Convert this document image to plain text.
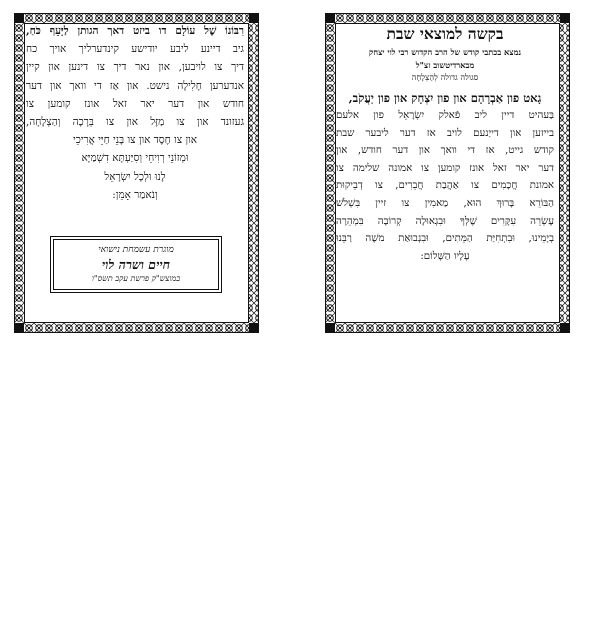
רִבּוֹנוֹ שֶׁל עוֹלָם דו ביזט דאך הגותן לַיָּעֵף כֹּחַ,
גיב דיינע ליבע יודישע קינדערליך אויך כח
דיך צו לויבען, און נאר דיך צו דינען און קיין
אנדערען חָלִילָה נישט. און אַז די וואך און דער
חודש און דער יאר זאל אונז קומען צו
געזונד און צו מַזָּל און צו בְּרָכָה וְהַצְלָחָה,
און צו חֶסֶד און צו בָּנֵי חַיֵּי אֲרִיכֵי
וּמְזוֹנֵי רְוִיחֵי וְסִיַּעְתָּא דִשְׁמַיָּא
לָנוּ וּלְכָל יִשְׂרָאֵל
וְנֹאמַר אָמֵן:
מוגרת עשמחת נישואי
חיים ושרה לוי
במוצש"ק פרשת עקב תשס"ו
בקשה למוצאי שבת
נמצא בכתבי קודש של הרב הקדוש רבי לוי יצחק
מבארדיטשוב זצ"ל
סגולה גדולה לְהַצְלָחָה
גָאט פון אַבְרָהָם און פון יִצְחָק און פון יַעֲקֹב,
בַּעהיט דיין ליב פֿאלק יִשְׂרָאֵל פון אלעם
בייזען און דייַנעם לויב אז דער ליבער שבת
קודש גייט, אז די וואך און דער חודש, און
דער יאר זאל אונז קומען צו אמונה שלימה צו
אמונת חֲכָמִים צו אַהֲבַת חֲבֵרִים, צו דְבֵיקוּת
הַבּוֹרֵא בָּרוּךְ הוּא, מַאמִין צו זיין בִּשְׁלֹשׁ
עֶשְׂרֵה עִקָּרִים שֶׁלְּךָ וּבִגְאוּלָה קְרוֹבָה בִּמְהֵרָה
בְיָמֵינוּ, וּבִתְחִיַּת הַמֵּתִים, וּבִנְבוּאַת משֶׁה רַבֵּנוּ
עָלָיו הַשָּׁלוֹם:
